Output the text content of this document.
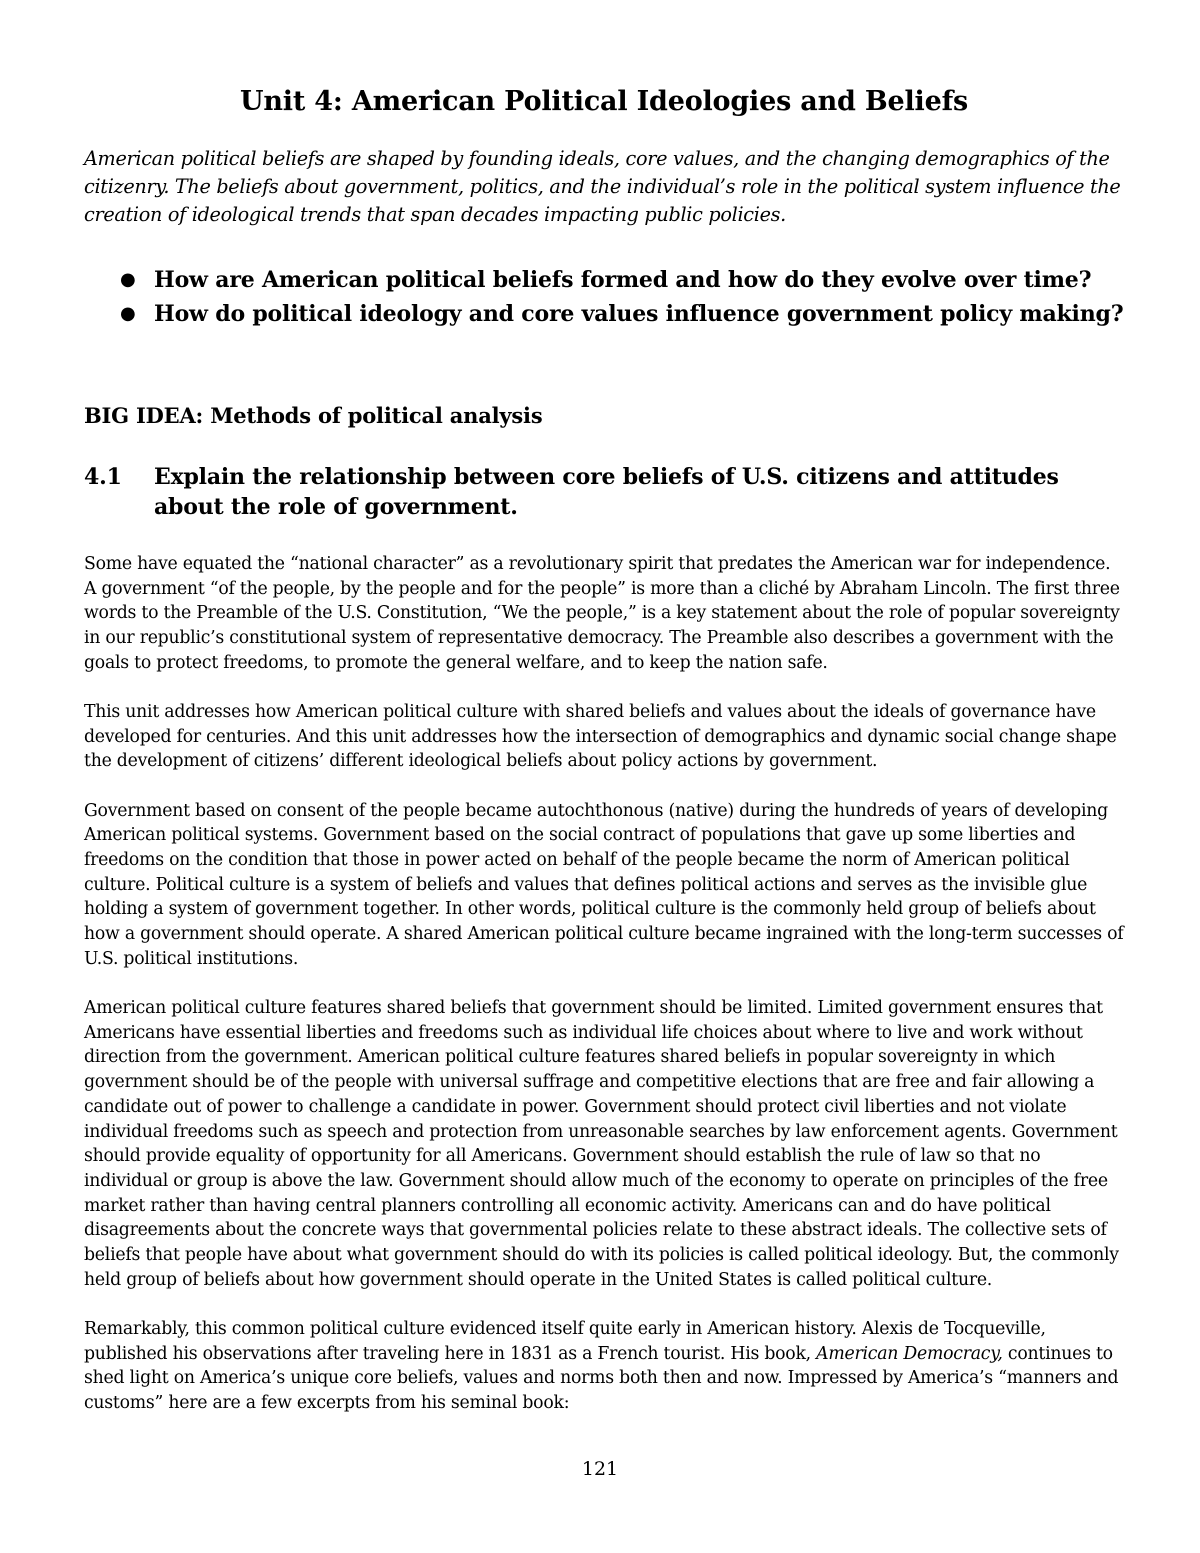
Unit 4: American Political Ideologies and Beliefs

American political beliefs are shaped by founding ideals, core values, and the changing demographics of the citizenry. The beliefs about government, politics, and the individual’s role in the political system influence the creation of ideological trends that span decades impacting public policies.

● How are American political beliefs formed and how do they evolve over time?
● How do political ideology and core values influence government policy making?
BIG IDEA: Methods of political analysis
4.1 Explain the relationship between core beliefs of U.S. citizens and attitudes about the role of government.

Some have equated the “national character” as a revolutionary spirit that predates the American war for independence. A government “of the people, by the people and for the people” is more than a cliché by Abraham Lincoln. The first three words to the Preamble of the U.S. Constitution, “We the people,” is a key statement about the role of popular sovereignty in our republic’s constitutional system of representative democracy. The Preamble also describes a government with the goals to protect freedoms, to promote the general welfare, and to keep the nation safe.

This unit addresses how American political culture with shared beliefs and values about the ideals of governance have developed for centuries. And this unit addresses how the intersection of demographics and dynamic social change shape the development of citizens’ different ideological beliefs about policy actions by government.

Government based on consent of the people became autochthonous (native) during the hundreds of years of developing American political systems. Government based on the social contract of populations that gave up some liberties and freedoms on the condition that those in power acted on behalf of the people became the norm of American political culture. Political culture is a system of beliefs and values that defines political actions and serves as the invisible glue holding a system of government together. In other words, political culture is the commonly held group of beliefs about how a government should operate. A shared American political culture became ingrained with the long-term successes of U.S. political institutions.

American political culture features shared beliefs that government should be limited. Limited government ensures that Americans have essential liberties and freedoms such as individual life choices about where to live and work without direction from the government. American political culture features shared beliefs in popular sovereignty in which government should be of the people with universal suffrage and competitive elections that are free and fair allowing a candidate out of power to challenge a candidate in power. Government should protect civil liberties and not violate individual freedoms such as speech and protection from unreasonable searches by law enforcement agents. Government should provide equality of opportunity for all Americans. Government should establish the rule of law so that no individual or group is above the law. Government should allow much of the economy to operate on principles of the free market rather than having central planners controlling all economic activity. Americans can and do have political disagreements about the concrete ways that governmental policies relate to these abstract ideals. The collective sets of beliefs that people have about what government should do with its policies is called political ideology. But, the commonly held group of beliefs about how government should operate in the United States is called political culture.

Remarkably, this common political culture evidenced itself quite early in American history. Alexis de Tocqueville, published his observations after traveling here in 1831 as a French tourist. His book, American Democracy, continues to shed light on America’s unique core beliefs, values and norms both then and now. Impressed by America’s “manners and customs” here are a few excerpts from his seminal book:

121
